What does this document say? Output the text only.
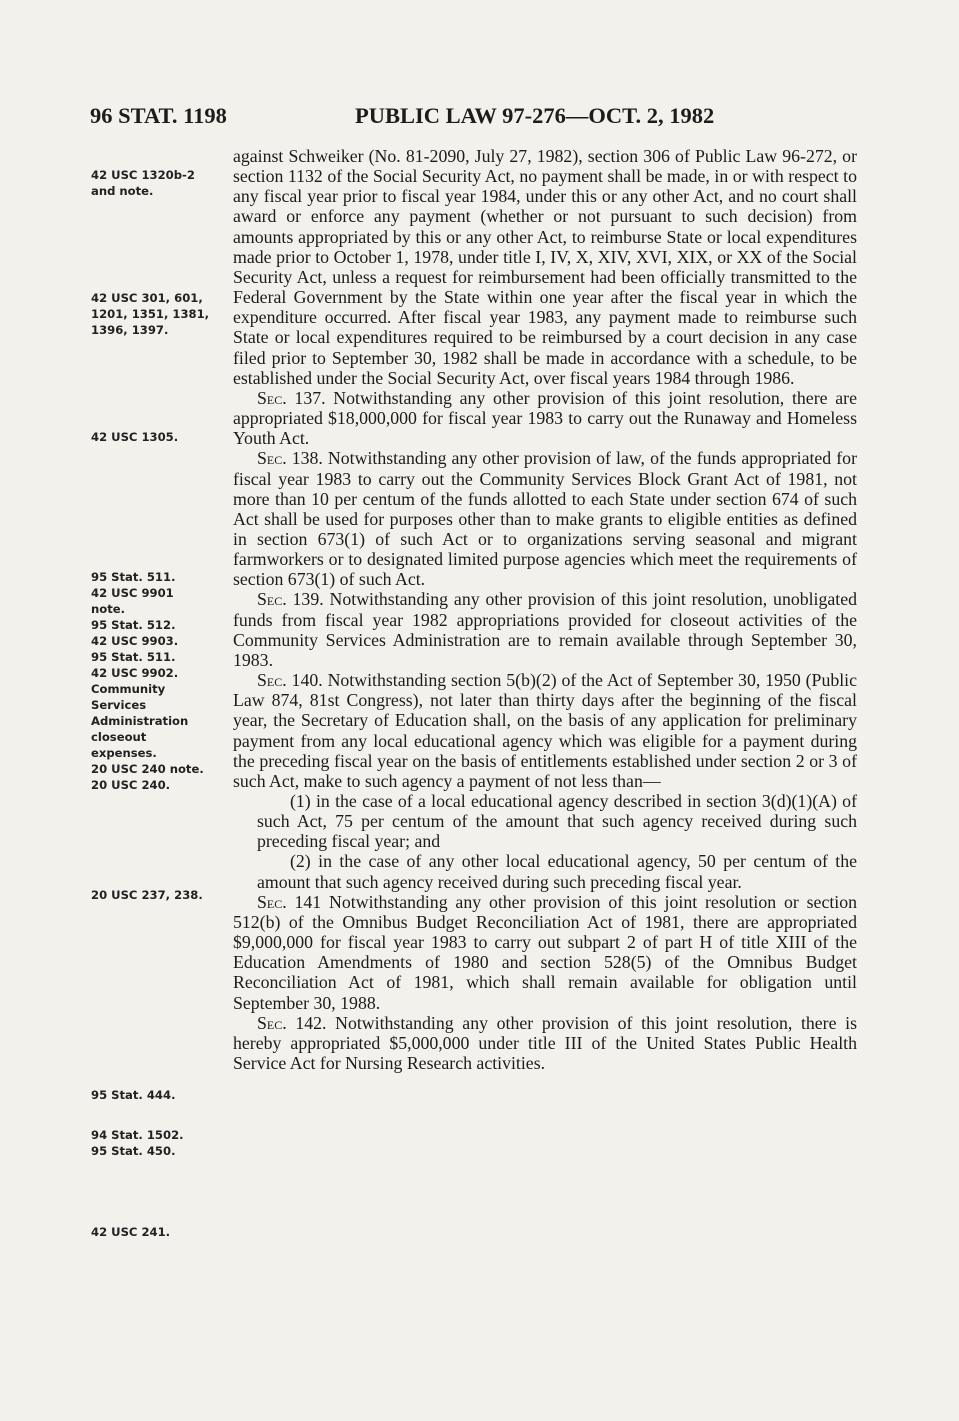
96 STAT. 1198	PUBLIC LAW 97-276—OCT. 2, 1982
42 USC 1320b-2
and note.
42 USC 301, 601,
1201, 1351, 1381,
1396, 1397.
42 USC 1305.
95 Stat. 511.
42 USC 9901
note.
95 Stat. 512.
42 USC 9903.
95 Stat. 511.
42 USC 9902.
Community
Services
Administration
closeout
expenses.
20 USC 240 note.
20 USC 240.
20 USC 237, 238.
95 Stat. 444.
94 Stat. 1502.
95 Stat. 450.
42 USC 241.

against Schweiker (No. 81-2090, July 27, 1982), section 306 of Public Law 96-272, or section 1132 of the Social Security Act, no payment shall be made, in or with respect to any fiscal year prior to fiscal year 1984, under this or any other Act, and no court shall award or enforce any payment (whether or not pursuant to such decision) from amounts appropriated by this or any other Act, to reimburse State or local expenditures made prior to October 1, 1978, under title I, IV, X, XIV, XVI, XIX, or XX of the Social Security Act, unless a request for reimbursement had been officially transmitted to the Federal Government by the State within one year after the fiscal year in which the expenditure occurred. After fiscal year 1983, any payment made to reimburse such State or local expenditures required to be reimbursed by a court decision in any case filed prior to September 30, 1982 shall be made in accordance with a schedule, to be established under the Social Security Act, over fiscal years 1984 through 1986.

Sec. 137. Notwithstanding any other provision of this joint resolution, there are appropriated $18,000,000 for fiscal year 1983 to carry out the Runaway and Homeless Youth Act.

Sec. 138. Notwithstanding any other provision of law, of the funds appropriated for fiscal year 1983 to carry out the Community Services Block Grant Act of 1981, not more than 10 per centum of the funds allotted to each State under section 674 of such Act shall be used for purposes other than to make grants to eligible entities as defined in section 673(1) of such Act or to organizations serving seasonal and migrant farmworkers or to designated limited purpose agencies which meet the requirements of section 673(1) of such Act.

Sec. 139. Notwithstanding any other provision of this joint resolution, unobligated funds from fiscal year 1982 appropriations provided for closeout activities of the Community Services Administration are to remain available through September 30, 1983.

Sec. 140. Notwithstanding section 5(b)(2) of the Act of September 30, 1950 (Public Law 874, 81st Congress), not later than thirty days after the beginning of the fiscal year, the Secretary of Education shall, on the basis of any application for preliminary payment from any local educational agency which was eligible for a payment during the preceding fiscal year on the basis of entitlements established under section 2 or 3 of such Act, make to such agency a payment of not less than—

(1) in the case of a local educational agency described in section 3(d)(1)(A) of such Act, 75 per centum of the amount that such agency received during such preceding fiscal year; and

(2) in the case of any other local educational agency, 50 per centum of the amount that such agency received during such preceding fiscal year.

Sec. 141 Notwithstanding any other provision of this joint resolution or section 512(b) of the Omnibus Budget Reconciliation Act of 1981, there are appropriated $9,000,000 for fiscal year 1983 to carry out subpart 2 of part H of title XIII of the Education Amendments of 1980 and section 528(5) of the Omnibus Budget Reconciliation Act of 1981, which shall remain available for obligation until September 30, 1988.

Sec. 142. Notwithstanding any other provision of this joint resolution, there is hereby appropriated $5,000,000 under title III of the United States Public Health Service Act for Nursing Research activities.
